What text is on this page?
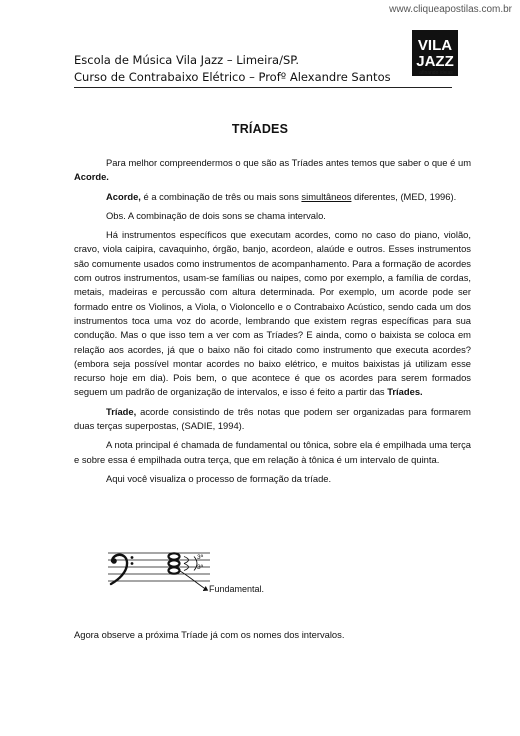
www.cliqueapostilas.com.br
Escola de Música Vila Jazz – Limeira/SP.
Curso de Contrabaixo Elétrico – Profº Alexandre Santos
VILA
JAZZ
afinando ideias
TRÍADES

Para melhor compreendermos o que são as Tríades antes temos que saber o que é um Acorde.

Acorde, é a combinação de três ou mais sons simultâneos diferentes, (MED, 1996).

Obs. A combinação de dois sons se chama intervalo.

Há instrumentos específicos que executam acordes, como no caso do piano, violão, cravo, viola caipira, cavaquinho, órgão, banjo, acordeon, alaúde e outros. Esses instrumentos são comumente usados como instrumentos de acompanhamento. Para a formação de acordes com outros instrumentos, usam-se famílias ou naipes, como por exemplo, a família de cordas, metais, madeiras e percussão com altura determinada. Por exemplo, um acorde pode ser formado entre os Violinos, a Viola, o Violoncello e o Contrabaixo Acústico, sendo cada um dos instrumentos toca uma voz do acorde, lembrando que existem regras específicas para sua condução. Mas o que isso tem a ver com as Tríades? E ainda, como o baixista se coloca em relação aos acordes, já que o baixo não foi citado como instrumento que executa acordes? (embora seja possível montar acordes no baixo elétrico, e muitos baixistas já utilizam esse recurso hoje em dia). Pois bem, o que acontece é que os acordes para serem formados seguem um padrão de organização de intervalos, e isso é feito a partir das Tríades.

Tríade, acorde consistindo de três notas que podem ser organizadas para formarem duas terças superpostas, (SADIE, 1994).

A nota principal é chamada de fundamental ou tônica, sobre ela é empilhada uma terça e sobre essa é empilhada outra terça, que em relação à tônica é um intervalo de quinta.

Aqui você visualiza o processo de formação da tríade.

3ª
3ª
Fundamental.
Agora observe a próxima Tríade já com os nomes dos intervalos.
